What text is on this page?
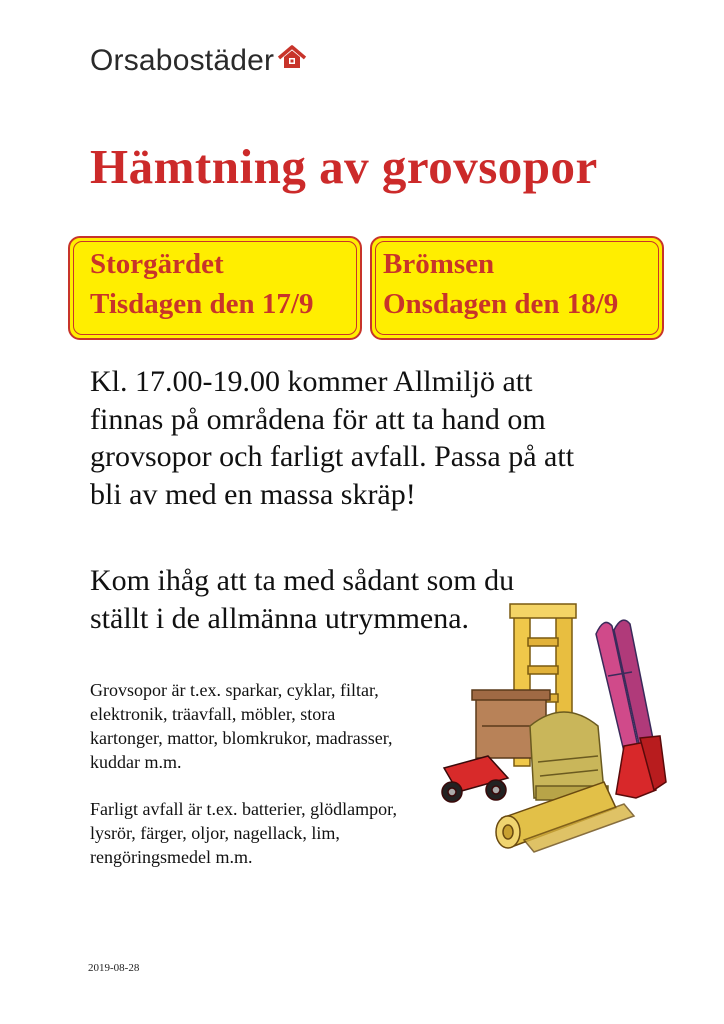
Orsabostäder
Hämtning av grovsopor
Storgärdet
Tisdagen den 17/9
Brömsen
Onsdagen den 18/9
Kl. 17.00-19.00 kommer Allmiljö att
finnas på områdena för att ta hand om
grovsopor och farligt avfall. Passa på att
bli av med en massa skräp!
Kom ihåg att ta med sådant som du
ställt i de allmänna utrymmena.
Grovsopor är t.ex. sparkar, cyklar, filtar,
elektronik, träavfall, möbler, stora
kartonger, mattor, blomkrukor, madrasser,
kuddar m.m.
Farligt avfall är t.ex. batterier, glödlampor,
lysrör, färger, oljor, nagellack, lim,
rengöringsmedel m.m.
2019-08-28
